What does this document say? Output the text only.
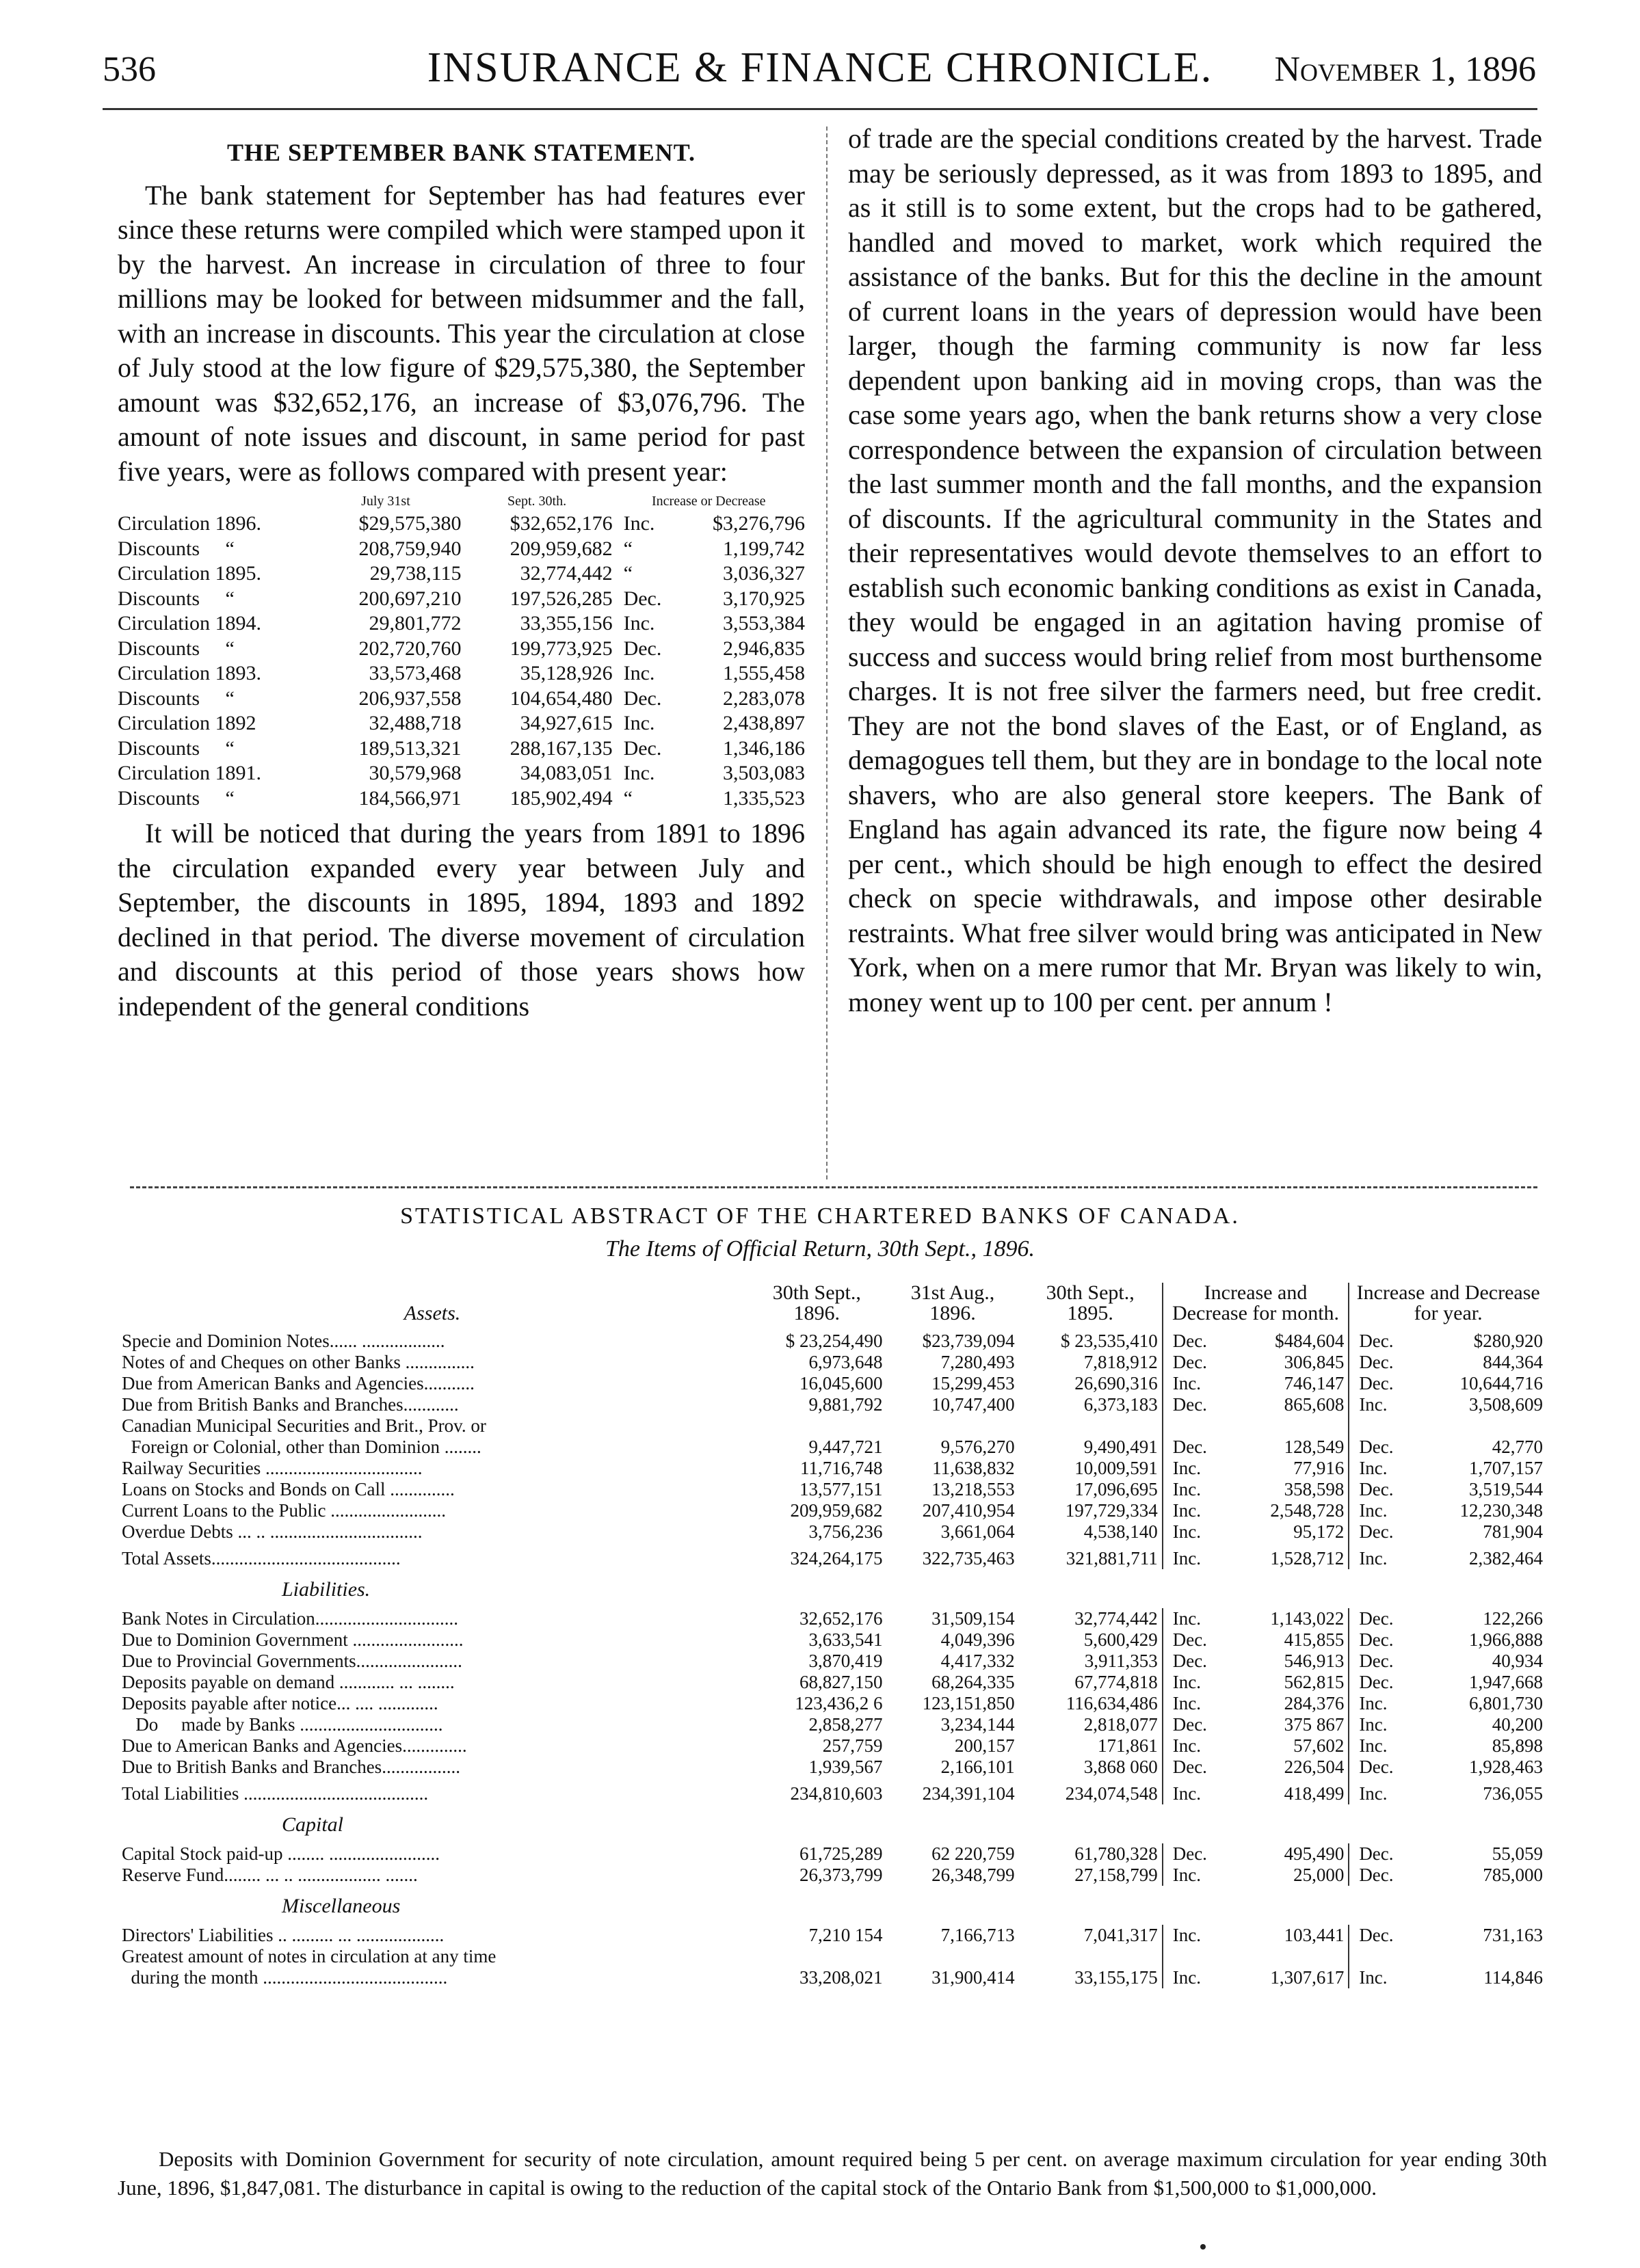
536	INSURANCE & FINANCE CHRONICLE.	November 1, 1896
THE SEPTEMBER BANK STATEMENT.

The bank statement for September has had features ever since these returns were compiled which were stamped upon it by the harvest. An increase in circulation of three to four millions may be looked for between midsummer and the fall, with an increase in discounts. This year the circulation at close of July stood at the low figure of $29,575,380, the September amount was $32,652,176, an increase of $3,076,796. The amount of note issues and discount, in same period for past five years, were as follows compared with present year:

	July 31st	Sept. 30th.	Increase or Decrease	
Circulation 1896.	$29,575,380	$32,652,176	Inc.	$3,276,796
Discounts     “	208,759,940	209,959,682	“	1,199,742
Circulation 1895.	29,738,115	32,774,442	“	3,036,327
Discounts     “	200,697,210	197,526,285	Dec.	3,170,925
Circulation 1894.	29,801,772	33,355,156	Inc.	3,553,384
Discounts     “	202,720,760	199,773,925	Dec.	2,946,835
Circulation 1893.	33,573,468	35,128,926	Inc.	1,555,458
Discounts     “	206,937,558	104,654,480	Dec.	2,283,078
Circulation 1892	32,488,718	34,927,615	Inc.	2,438,897
Discounts     “	189,513,321	288,167,135	Dec.	1,346,186
Circulation 1891.	30,579,968	34,083,051	Inc.	3,503,083
Discounts     “	184,566,971	185,902,494	“	1,335,523

It will be noticed that during the years from 1891 to 1896 the circulation expanded every year between July and September, the discounts in 1895, 1894, 1893 and 1892 declined in that period. The diverse movement of circulation and discounts at this period of those years shows how independent of the general conditions

of trade are the special conditions created by the harvest. Trade may be seriously depressed, as it was from 1893 to 1895, and as it still is to some extent, but the crops had to be gathered, handled and moved to market, work which required the assistance of the banks. But for this the decline in the amount of current loans in the years of depression would have been larger, though the farming community is now far less dependent upon banking aid in moving crops, than was the case some years ago, when the bank returns show a very close correspondence between the expansion of circulation between the last summer month and the fall months, and the expansion of discounts. If the agricultural community in the States and their representatives would devote themselves to an effort to establish such economic banking conditions as exist in Canada, they would be engaged in an agitation having promise of success and success would bring relief from most burthensome charges. It is not free silver the farmers need, but free credit. They are not the bond slaves of the East, or of England, as demagogues tell them, but they are in bondage to the local note shavers, who are also general store keepers. The Bank of England has again advanced its rate, the figure now being 4 per cent., which should be high enough to effect the desired check on specie withdrawals, and impose other desirable restraints. What free silver would bring was anticipated in New York, when on a mere rumor that Mr. Bryan was likely to win, money went up to 100 per cent. per annum !

STATISTICAL ABSTRACT OF THE CHARTERED BANKS OF CANADA.
The Items of Official Return, 30th Sept., 1896.
Assets.	30th Sept., 1896.	31st Aug., 1896.	30th Sept., 1895.	Increase and Decrease for month.		Increase and Decrease for year.	
Specie and Dominion Notes...... ..................	$ 23,254,490	$23,739,094	$ 23,535,410	Dec.	$484,604	Dec.	$280,920
Notes of and Cheques on other Banks ...............	6,973,648	7,280,493	7,818,912	Dec.	306,845	Dec.	844,364
Due from American Banks and Agencies...........	16,045,600	15,299,453	26,690,316	Inc.	746,147	Dec.	10,644,716
Due from British Banks and Branches............	9,881,792	10,747,400	6,373,183	Dec.	865,608	Inc.	3,508,609
Canadian Municipal Securities and Brit., Prov. or							
Foreign or Colonial, other than Dominion ........	9,447,721	9,576,270	9,490,491	Dec.	128,549	Dec.	42,770
Railway Securities ..................................	11,716,748	11,638,832	10,009,591	Inc.	77,916	Inc.	1,707,157
Loans on Stocks and Bonds on Call ..............	13,577,151	13,218,553	17,096,695	Inc.	358,598	Dec.	3,519,544
Current Loans to the Public .........................	209,959,682	207,410,954	197,729,334	Inc.	2,548,728	Inc.	12,230,348
Overdue Debts ... .. .................................	3,756,236	3,661,064	4,538,140	Inc.	95,172	Dec.	781,904
Total Assets.........................................	324,264,175	322,735,463	321,881,711	Inc.	1,528,712	Inc.	2,382,464
Liabilities.							
Bank Notes in Circulation...............................	32,652,176	31,509,154	32,774,442	Inc.	1,143,022	Dec.	122,266
Due to Dominion Government ........................	3,633,541	4,049,396	5,600,429	Dec.	415,855	Dec.	1,966,888
Due to Provincial Governments.......................	3,870,419	4,417,332	3,911,353	Dec.	546,913	Dec.	40,934
Deposits payable on demand ............ ... ........	68,827,150	68,264,335	67,774,818	Inc.	562,815	Dec.	1,947,668
Deposits payable after notice... .... .............	123,436,2 6	123,151,850	116,634,486	Inc.	284,376	Inc.	6,801,730
Do     made by Banks ...............................	2,858,277	3,234,144	2,818,077	Dec.	375 867	Inc.	40,200
Due to American Banks and Agencies..............	257,759	200,157	171,861	Inc.	57,602	Inc.	85,898
Due to British Banks and Branches.................	1,939,567	2,166,101	3,868 060	Dec.	226,504	Dec.	1,928,463
Total Liabilities ........................................	234,810,603	234,391,104	234,074,548	Inc.	418,499	Inc.	736,055
Capital							
Capital Stock paid-up ........ ........................	61,725,289	62 220,759	61,780,328	Dec.	495,490	Dec.	55,059
Reserve Fund........ ... .. .................. .......	26,373,799	26,348,799	27,158,799	Inc.	25,000	Dec.	785,000
Miscellaneous							
Directors' Liabilities .. ......... ... ...................	7,210 154	7,166,713	7,041,317	Inc.	103,441	Dec.	731,163
Greatest amount of notes in circulation at any time							
during the month ........................................	33,208,021	31,900,414	33,155,175	Inc.	1,307,617	Inc.	114,846

Deposits with Dominion Government for security of note circulation, amount required being 5 per cent. on average maximum circulation for year ending 30th June, 1896, $1,847,081. The disturbance in capital is owing to the reduction of the capital stock of the Ontario Bank from $1,500,000 to $1,000,000.
